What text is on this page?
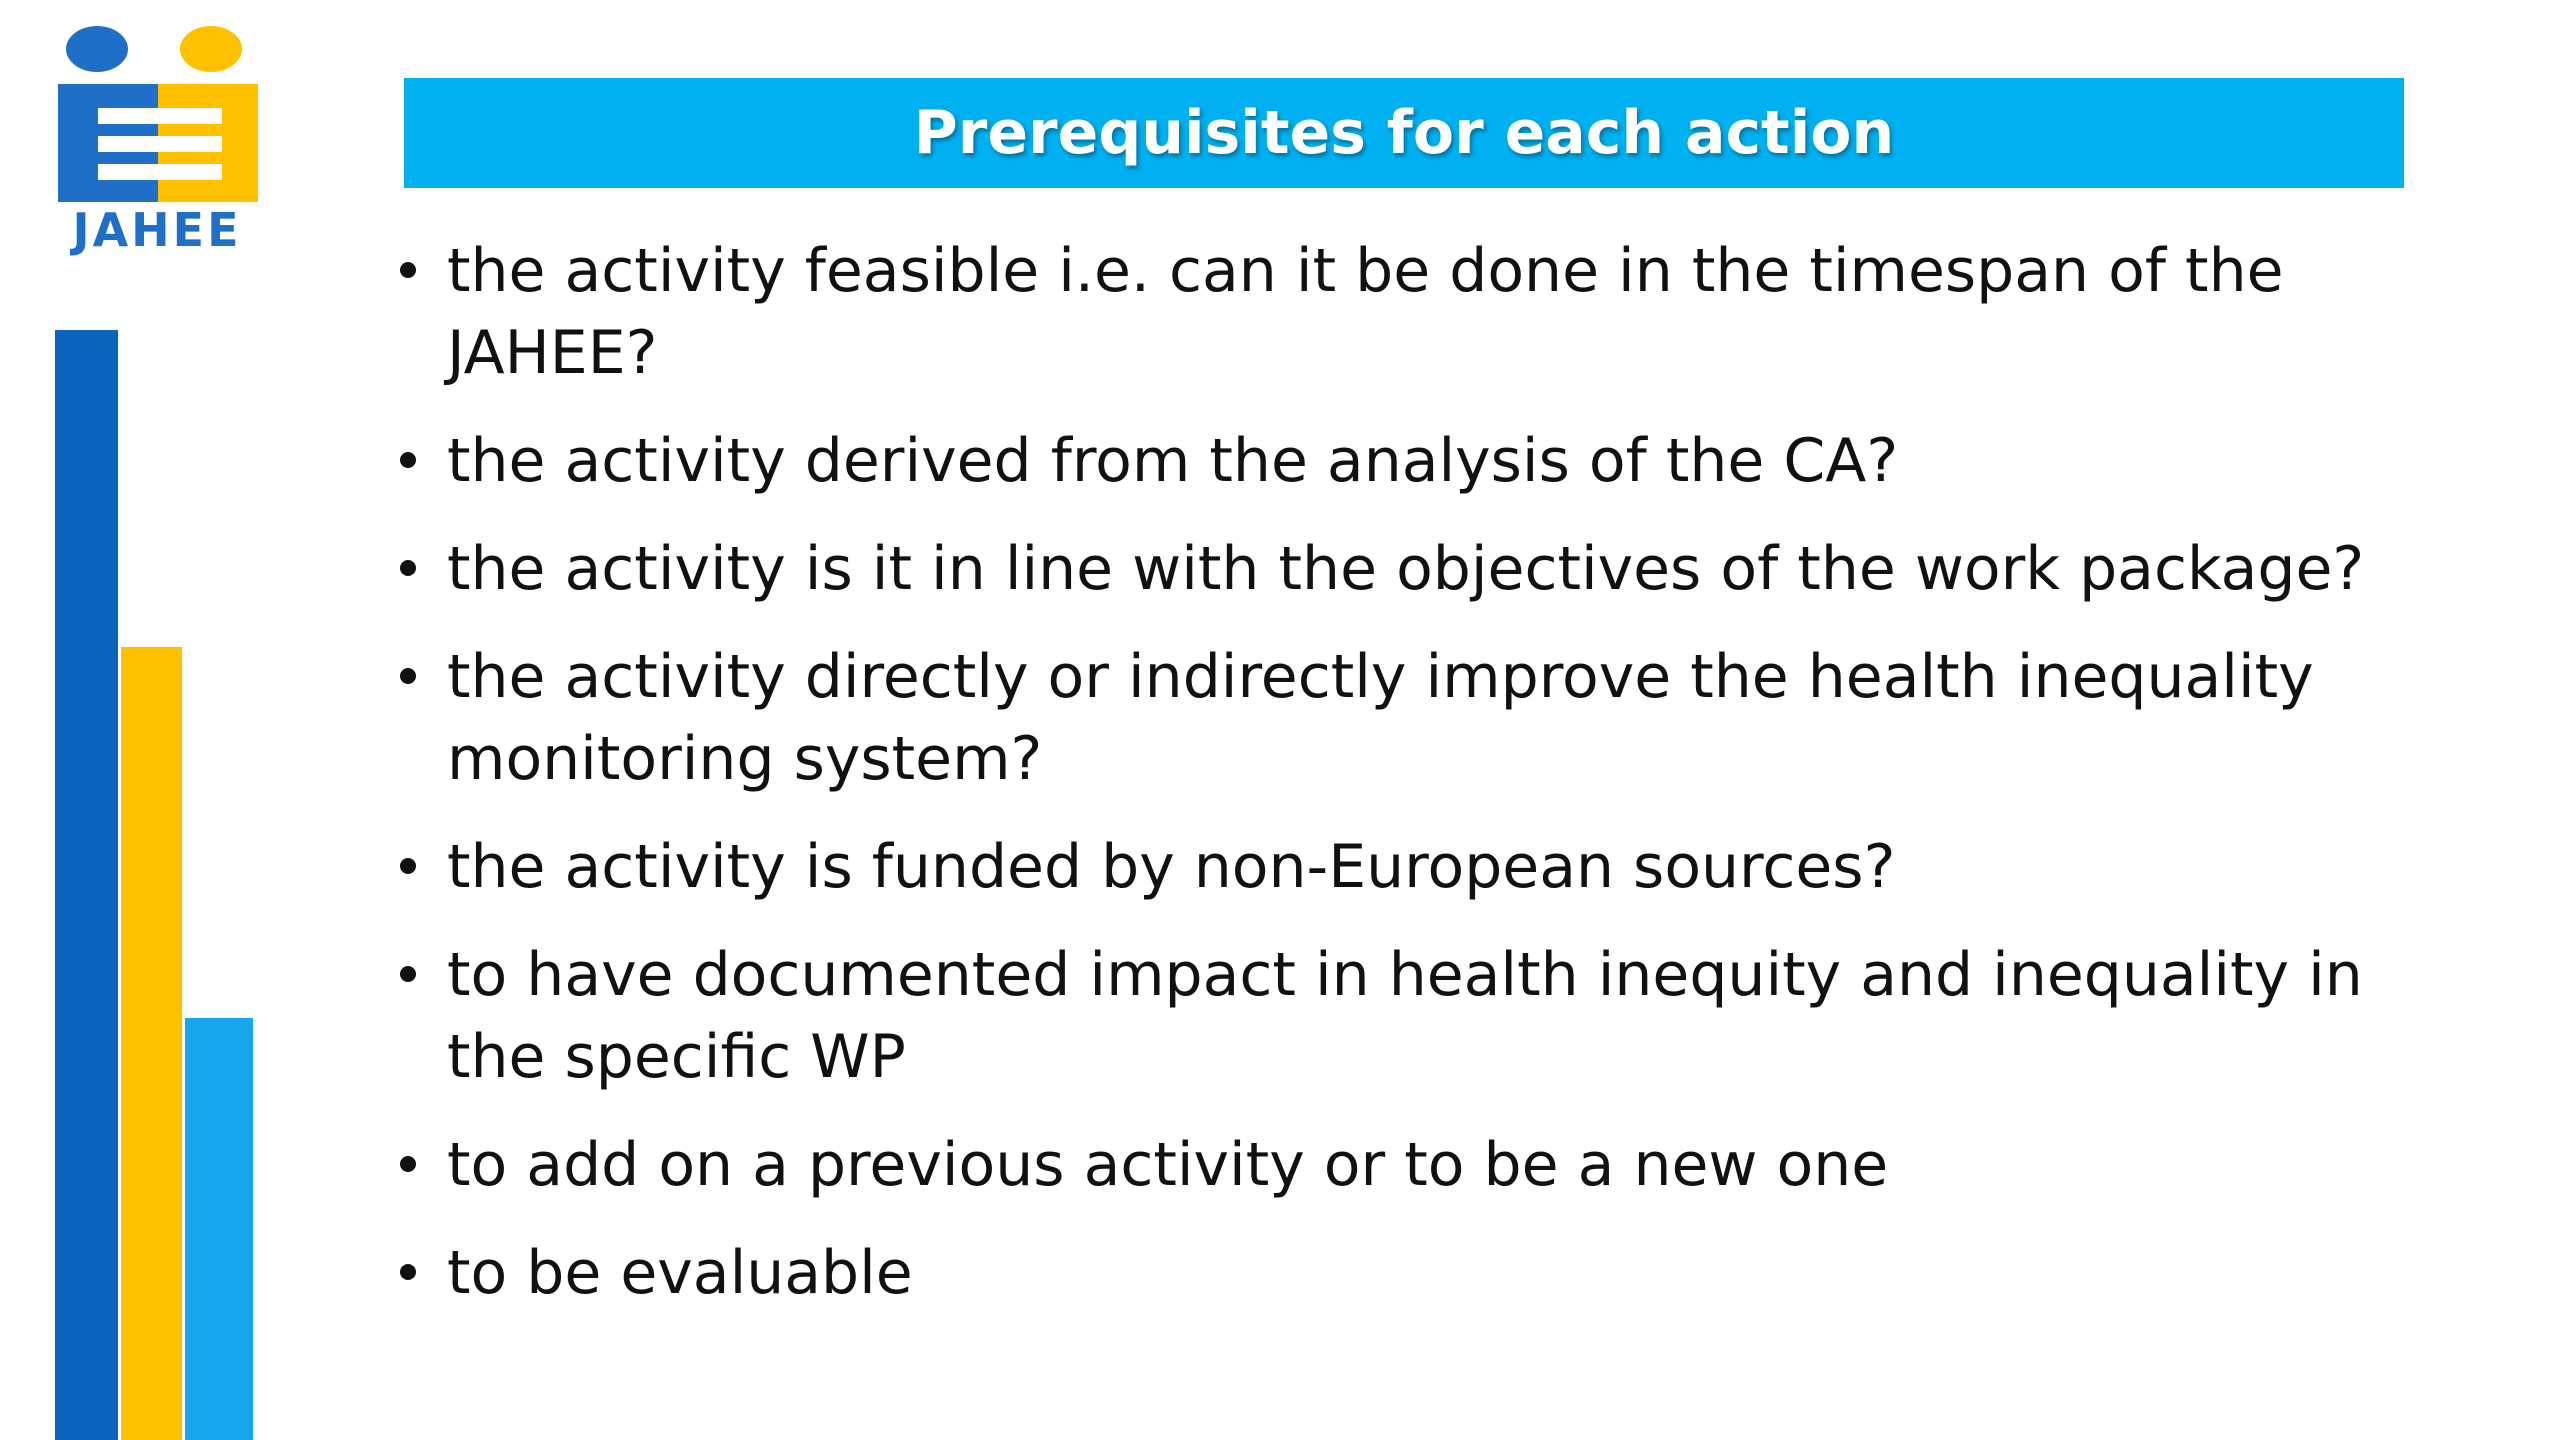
JAHEE
Prerequisites for each action
the activity feasible i.e. can it be done in the timespan of the JAHEE?
the activity derived from the analysis of the CA?
the activity is it in line with the objectives of the work package?
the activity directly or indirectly improve the health inequality monitoring system?
the activity is funded by non-European sources?
to have documented impact in health inequity and inequality in the specific WP
to add on a previous activity or to be a new one
to be evaluable
